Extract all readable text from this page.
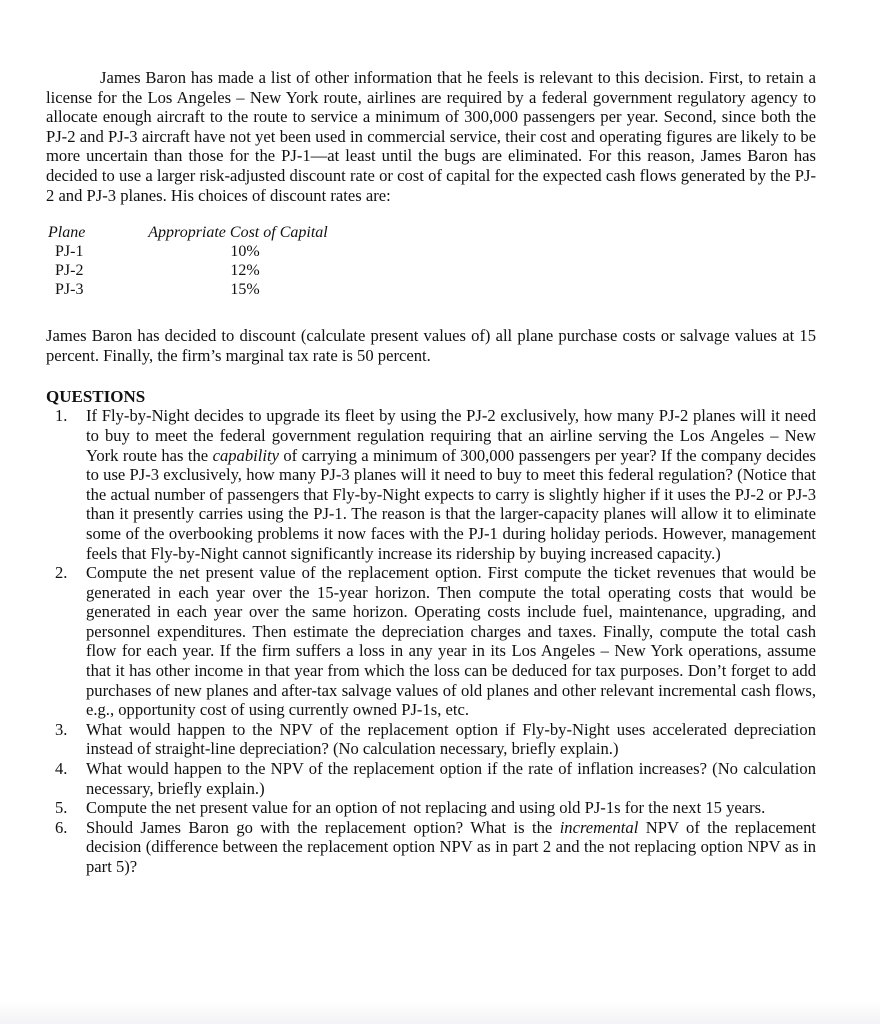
James Baron has made a list of other information that he feels is relevant to this decision. First, to retain a license for the Los Angeles – New York route, airlines are required by a federal government regulatory agency to allocate enough aircraft to the route to service a minimum of 300,000 passengers per year. Second, since both the PJ-2 and PJ-3 aircraft have not yet been used in commercial service, their cost and operating figures are likely to be more uncertain than those for the PJ-1—at least until the bugs are eliminated. For this reason, James Baron has decided to use a larger risk-adjusted discount rate or cost of capital for the expected cash flows generated by the PJ-2 and PJ-3 planes. His choices of discount rates are:

Plane	Appropriate Cost of Capital
PJ-1	10%
PJ-2	12%
PJ-3	15%

James Baron has decided to discount (calculate present values of) all plane purchase costs or salvage values at 15 percent. Finally, the firm’s marginal tax rate is 50 percent.

QUESTIONS
1.	If Fly-by-Night decides to upgrade its fleet by using the PJ-2 exclusively, how many PJ-2 planes will it need to buy to meet the federal government regulation requiring that an airline serving the Los Angeles – New York route has the capability of carrying a minimum of 300,000 passengers per year? If the company decides to use PJ-3 exclusively, how many PJ-3 planes will it need to buy to meet this federal regulation? (Notice that the actual number of passengers that Fly-by-Night expects to carry is slightly higher if it uses the PJ-2 or PJ-3 than it presently carries using the PJ-1. The reason is that the larger-capacity planes will allow it to eliminate some of the overbooking problems it now faces with the PJ-1 during holiday periods. However, management feels that Fly-by-Night cannot significantly increase its ridership by buying increased capacity.)
2.	Compute the net present value of the replacement option. First compute the ticket revenues that would be generated in each year over the 15-year horizon. Then compute the total operating costs that would be generated in each year over the same horizon. Operating costs include fuel, maintenance, upgrading, and personnel expenditures. Then estimate the depreciation charges and taxes. Finally, compute the total cash flow for each year. If the firm suffers a loss in any year in its Los Angeles – New York operations, assume that it has other income in that year from which the loss can be deduced for tax purposes. Don’t forget to add purchases of new planes and after-tax salvage values of old planes and other relevant incremental cash flows, e.g., opportunity cost of using currently owned PJ-1s, etc.
3.	What would happen to the NPV of the replacement option if Fly-by-Night uses accelerated depreciation instead of straight-line depreciation? (No calculation necessary, briefly explain.)
4.	What would happen to the NPV of the replacement option if the rate of inflation increases? (No calculation necessary, briefly explain.)
5.	Compute the net present value for an option of not replacing and using old PJ-1s for the next 15 years.
6.	Should James Baron go with the replacement option? What is the incremental NPV of the replacement decision (difference between the replacement option NPV as in part 2 and the not replacing option NPV as in part 5)?
